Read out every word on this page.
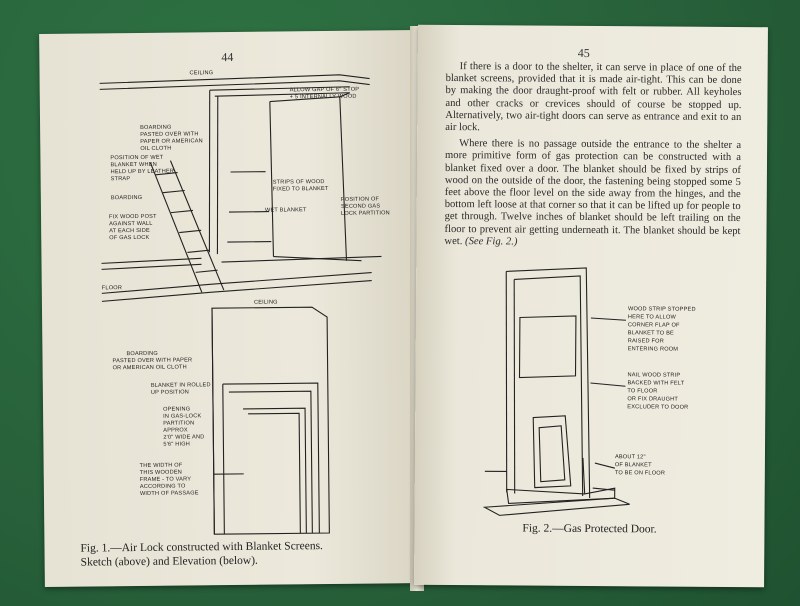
44
CEILING
ALLOW GAP OF 6" STOP
+ 5 INTERNALLY WOOD
BOARDING
PASTED OVER WITH
PAPER OR AMERICAN
OIL CLOTH
POSITION OF WET
BLANKET WHEN
HELD UP BY LEATHER
STRAP
BOARDING
FIX WOOD POST
AGAINST WALL
AT EACH SIDE
OF GAS LOCK
STRIPS OF WOOD
FIXED TO BLANKET
WET BLANKET
POSITION OF
SECOND GAS
LOCK PARTITION
FLOOR
CEILING
BOARDING
PASTED OVER WITH PAPER
OR AMERICAN OIL CLOTH
BLANKET IN ROLLED
UP POSITION
OPENING
IN GAS-LOCK
PARTITION
APPROX
2'0" WIDE AND
5'6" HIGH
THE WIDTH OF
THIS WOODEN
FRAME - TO VARY
ACCORDING TO
WIDTH OF PASSAGE
Fig. 1.—Air Lock constructed with Blanket Screens.
Sketch (above) and Elevation (below).
45

If there is a door to the shelter, it can serve in place of one of the blanket screens, provided that it is made air-tight. This can be done by making the door draught-proof with felt or rubber. All keyholes and other cracks or crevices should of course be stopped up. Alternatively, two air-tight doors can serve as entrance and exit to an air lock.

Where there is no passage outside the entrance to the shelter a more primitive form of gas protection can be constructed with a blanket fixed over a door. The blanket should be fixed by strips of wood on the outside of the door, the fastening being stopped some 5 feet above the floor level on the side away from the hinges, and the bottom left loose at that corner so that it can be lifted up for people to get through. Twelve inches of blanket should be left trailing on the floor to prevent air getting underneath it. The blanket should be kept wet. (See Fig. 2.)

WOOD STRIP STOPPED
HERE TO ALLOW
CORNER FLAP OF
BLANKET TO BE
RAISED FOR
ENTERING ROOM
NAIL WOOD STRIP
BACKED WITH FELT
TO FLOOR
OR FIX DRAUGHT
EXCLUDER TO DOOR
ABOUT 12"
OF BLANKET
TO BE ON FLOOR
Fig. 2.—Gas Protected Door.
